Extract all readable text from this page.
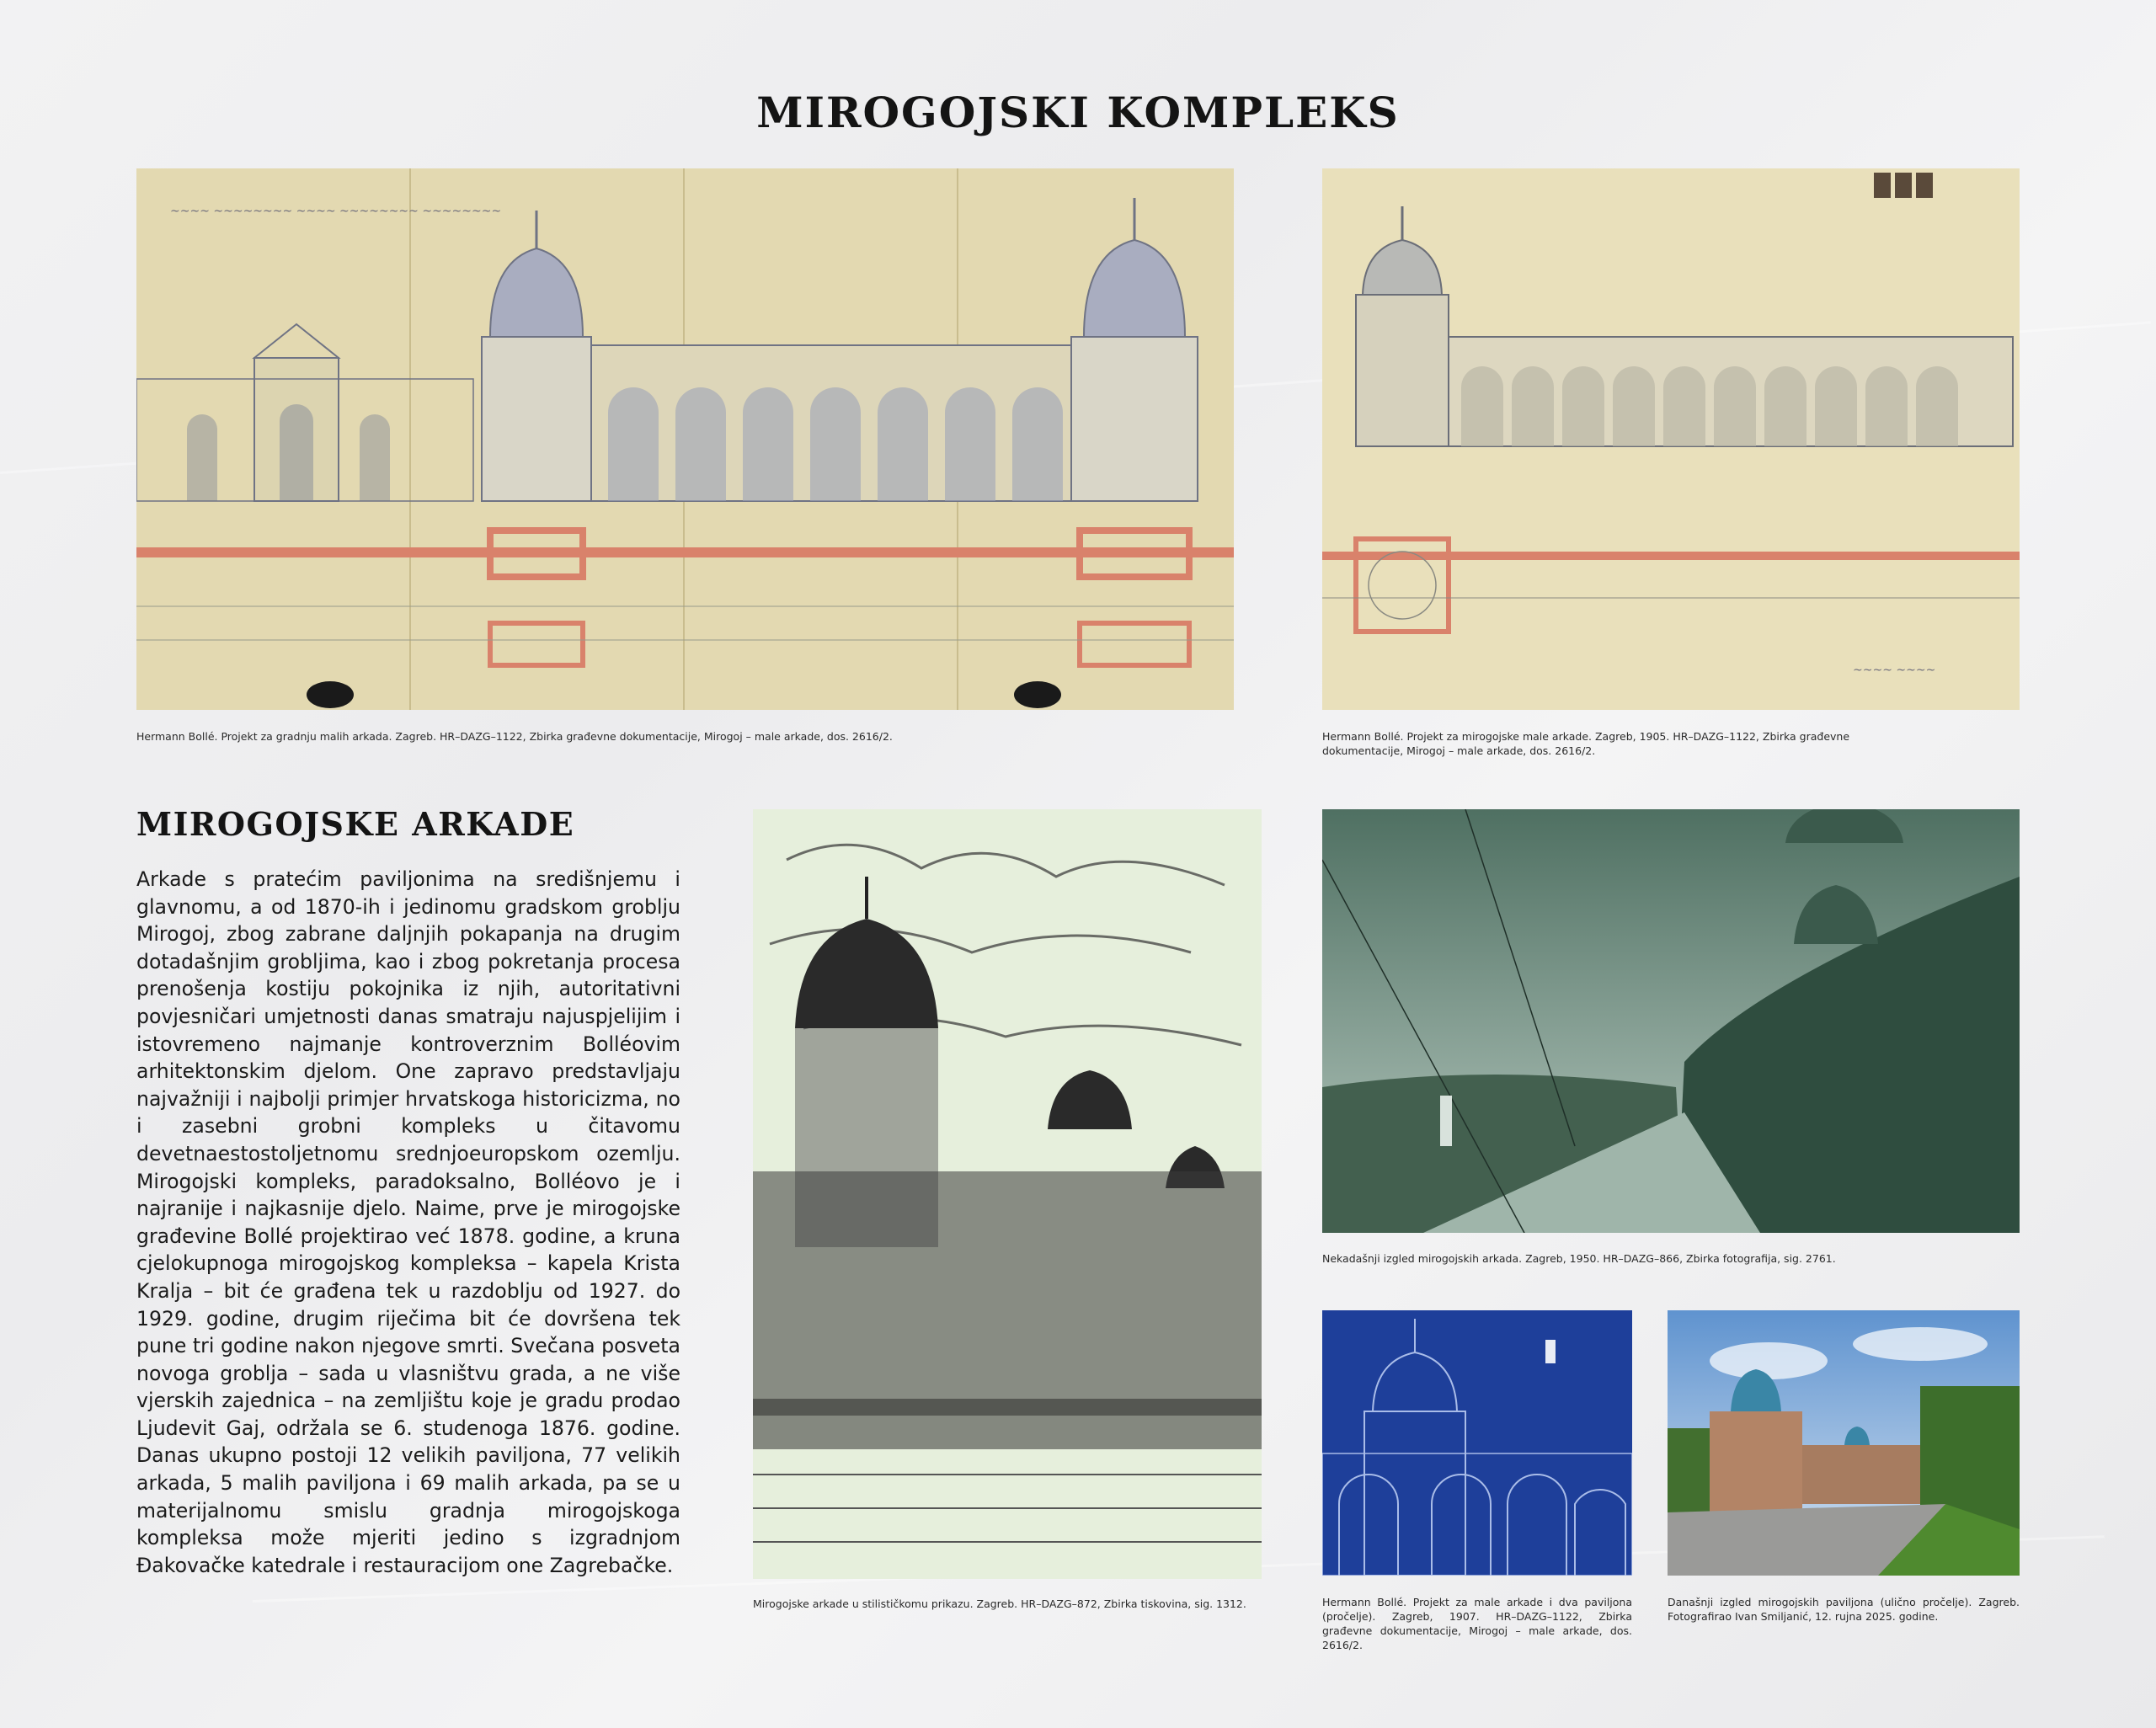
MIROGOJSKI KOMPLEKS
~~~~ ~~~~~~~~ ~~~~ ~~~~~~~~ ~~~~~~~~
Hermann Bollé. Projekt za gradnju malih arkada. Zagreb. HR–DAZG–1122, Zbirka građevne dokumentacije, Mirogoj – male arkade, dos. 2616/2.
~~~~ ~~~~
Hermann Bollé. Projekt za mirogojske male arkade. Zagreb, 1905. HR–DAZG–1122, Zbirka građevne dokumentacije, Mirogoj – male arkade, dos. 2616/2.
MIROGOJSKE ARKADE
Arkade s pratećim paviljonima na središnjemu i glavnomu, a od 1870-ih i jedinomu gradskom groblju Mirogoj, zbog zabrane daljnjih pokapanja na drugim dotadašnjim grobljima, kao i zbog pokretanja procesa prenošenja kostiju pokojnika iz njih, autoritativni povjesničari umjetnosti danas smatraju najuspjelijim i istovremeno najmanje kontroverznim Bolléovim arhitektonskim djelom. One zapravo predstavljaju najvažniji i najbolji primjer hrvatskoga historicizma, no i zasebni grobni kompleks u čitavomu devetnaestostoljetnomu srednjoeuropskom ozemlju. Mirogojski kompleks, paradoksalno, Bolléovo je i najranije i najkasnije djelo. Naime, prve je mirogojske građevine Bollé projektirao već 1878. godine, a kruna cjelokupnoga mirogojskog kompleksa – kapela Krista Kralja – bit će građena tek u razdoblju od 1927. do 1929. godine, drugim riječima bit će dovršena tek pune tri godine nakon njegove smrti. Svečana posveta novoga groblja – sada u vlasništvu grada, a ne više vjerskih zajednica – na zemljištu koje je gradu prodao Ljudevit Gaj, održala se 6. studenoga 1876. godine. Danas ukupno postoji 12 velikih paviljona, 77 velikih arkada, 5 malih paviljona i 69 malih arkada, pa se u materijalnomu smislu gradnja mirogojskoga kompleksa može mjeriti jedino s izgradnjom Đakovačke katedrale i restauracijom one Zagrebačke.
Mirogojske arkade u stilističkomu prikazu. Zagreb. HR–DAZG–872, Zbirka tiskovina, sig. 1312.
Nekadašnji izgled mirogojskih arkada. Zagreb, 1950. HR–DAZG–866, Zbirka fotografija, sig. 2761.
Hermann Bollé. Projekt za male arkade i dva paviljona (pročelje). Zagreb, 1907. HR–DAZG–1122, Zbirka građevne dokumentacije, Mirogoj – male arkade, dos. 2616/2.
Današnji izgled mirogojskih paviljona (ulično pročelje). Zagreb. Fotografirao Ivan Smiljanić, 12. rujna 2025. godine.
